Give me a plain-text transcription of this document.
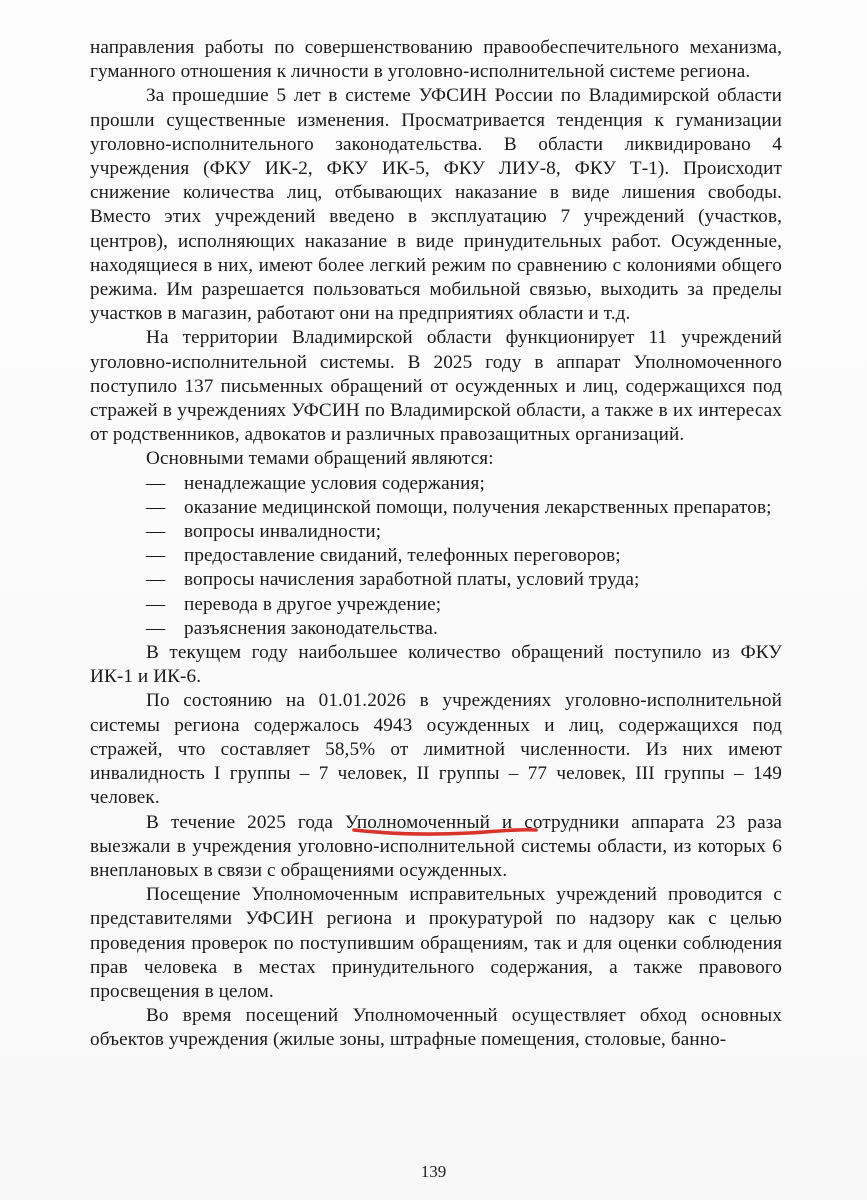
направления работы по совершенствованию правообеспечительного механизма, гуманного отношения к личности в уголовно-исполнительной системе региона.

За прошедшие 5 лет в системе УФСИН России по Владимирской области прошли существенные изменения. Просматривается тенденция к гуманизации уголовно-исполнительного законодательства. В области ликвидировано 4 учреждения (ФКУ ИК-2, ФКУ ИК-5, ФКУ ЛИУ-8, ФКУ Т-1). Происходит снижение количества лиц, отбывающих наказание в виде лишения свободы. Вместо этих учреждений введено в эксплуатацию 7 учреждений (участков, центров), исполняющих наказание в виде принудительных работ. Осужденные, находящиеся в них, имеют более легкий режим по сравнению с колониями общего режима. Им разрешается пользоваться мобильной связью, выходить за пределы участков в магазин, работают они на предприятиях области и т.д.

На территории Владимирской области функционирует 11 учреждений уголовно-исполнительной системы. В 2025 году в аппарат Уполномоченного поступило 137 письменных обращений от осужденных и лиц, содержащихся под стражей в учреждениях УФСИН по Владимирской области, а также в их интересах от родственников, адвокатов и различных правозащитных организаций.

Основными темами обращений являются:

— ненадлежащие условия содержания;

— оказание медицинской помощи, получения лекарственных препаратов;

— вопросы инвалидности;

— предоставление свиданий, телефонных переговоров;

— вопросы начисления заработной платы, условий труда;

— перевода в другое учреждение;

— разъяснения законодательства.

В текущем году наибольшее количество обращений поступило из ФКУ ИК-1 и ИК-6.

По состоянию на 01.01.2026 в учреждениях уголовно-исполнительной системы региона содержалось 4943 осужденных и лиц, содержащихся под стражей, что составляет 58,5% от лимитной численности. Из них имеют инвалидность I группы – 7 человек, II группы – 77 человек, III группы – 149 человек.

В течение 2025 года Уполномоченный и сотрудники аппарата 23 раза выезжали в учреждения уголовно-исполнительной системы области, из которых 6 внеплановых в связи с обращениями осужденных.

Посещение Уполномоченным исправительных учреждений проводится с представителями УФСИН региона и прокуратурой по надзору как с целью проведения проверок по поступившим обращениям, так и для оценки соблюдения прав человека в местах принудительного содержания, а также правового просвещения в целом.

Во время посещений Уполномоченный осуществляет обход основных объектов учреждения (жилые зоны, штрафные помещения, столовые, банно-

139
